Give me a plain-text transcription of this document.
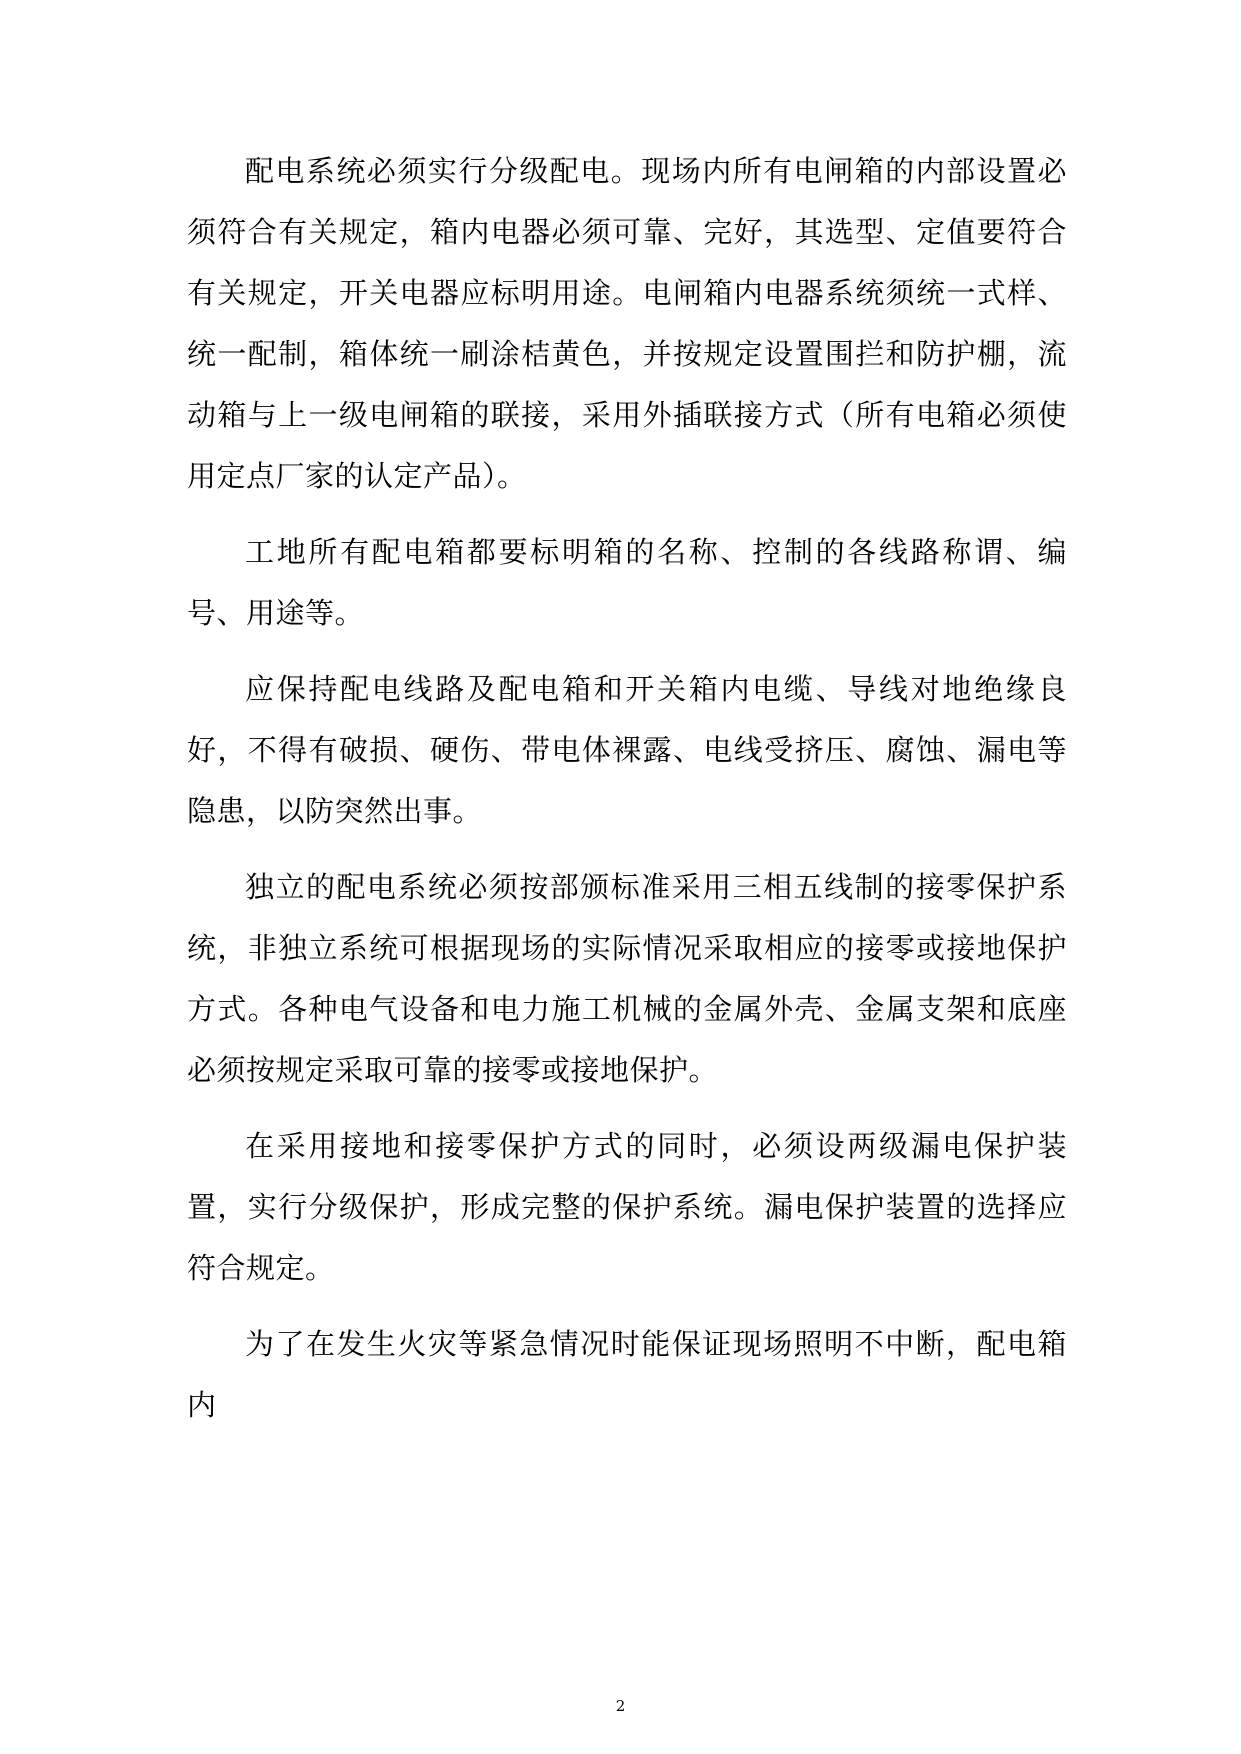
配电系统必须实行分级配电。现场内所有电闸箱的内部设置必须符合有关规定，箱内电器必须可靠、完好，其选型、定值要符合有关规定，开关电器应标明用途。电闸箱内电器系统须统一式样、统一配制，箱体统一刷涂桔黄色，并按规定设置围拦和防护棚，流动箱与上一级电闸箱的联接，采用外插联接方式（所有电箱必须使用定点厂家的认定产品）。

工地所有配电箱都要标明箱的名称、控制的各线路称谓、编号、用途等。

应保持配电线路及配电箱和开关箱内电缆、导线对地绝缘良好，不得有破损、硬伤、带电体裸露、电线受挤压、腐蚀、漏电等隐患，以防突然出事。

独立的配电系统必须按部颁标准采用三相五线制的接零保护系统，非独立系统可根据现场的实际情况采取相应的接零或接地保护方式。各种电气设备和电力施工机械的金属外壳、金属支架和底座必须按规定采取可靠的接零或接地保护。

在采用接地和接零保护方式的同时，必须设两级漏电保护装置，实行分级保护，形成完整的保护系统。漏电保护装置的选择应符合规定。

为了在发生火灾等紧急情况时能保证现场照明不中断，配电箱内

2
